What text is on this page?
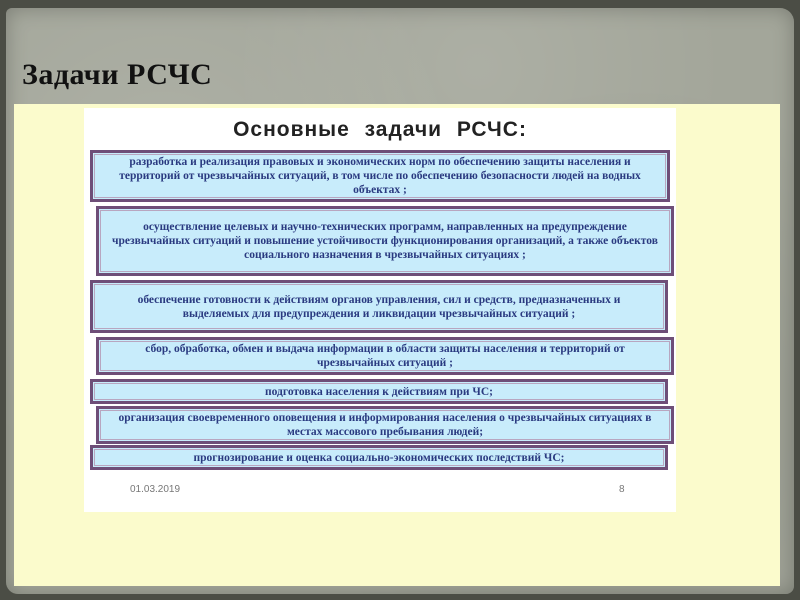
Задачи РСЧС
Основные задачи РСЧС:
разработка и реализация правовых и экономических норм по обеспечению защиты населения и территорий от чрезвычайных ситуаций, в том числе по обеспечению безопасности людей на водных объектах ;
осуществление целевых и научно-технических программ, направленных на предупреждение чрезвычайных ситуаций и повышение устойчивости функционирования организаций, а также объектов социального назначения в чрезвычайных ситуациях ;
обеспечение готовности к действиям органов управления, сил и средств, предназначенных и выделяемых для предупреждения и ликвидации чрезвычайных ситуаций ;
сбор, обработка, обмен и выдача информации в области защиты населения и территорий от чрезвычайных ситуаций ;
подготовка населения к действиям при ЧС;
организация своевременного оповещения и информирования населения о чрезвычайных ситуациях в местах массового пребывания людей;
прогнозирование и оценка социально-экономических последствий ЧС;
01.03.2019	8
